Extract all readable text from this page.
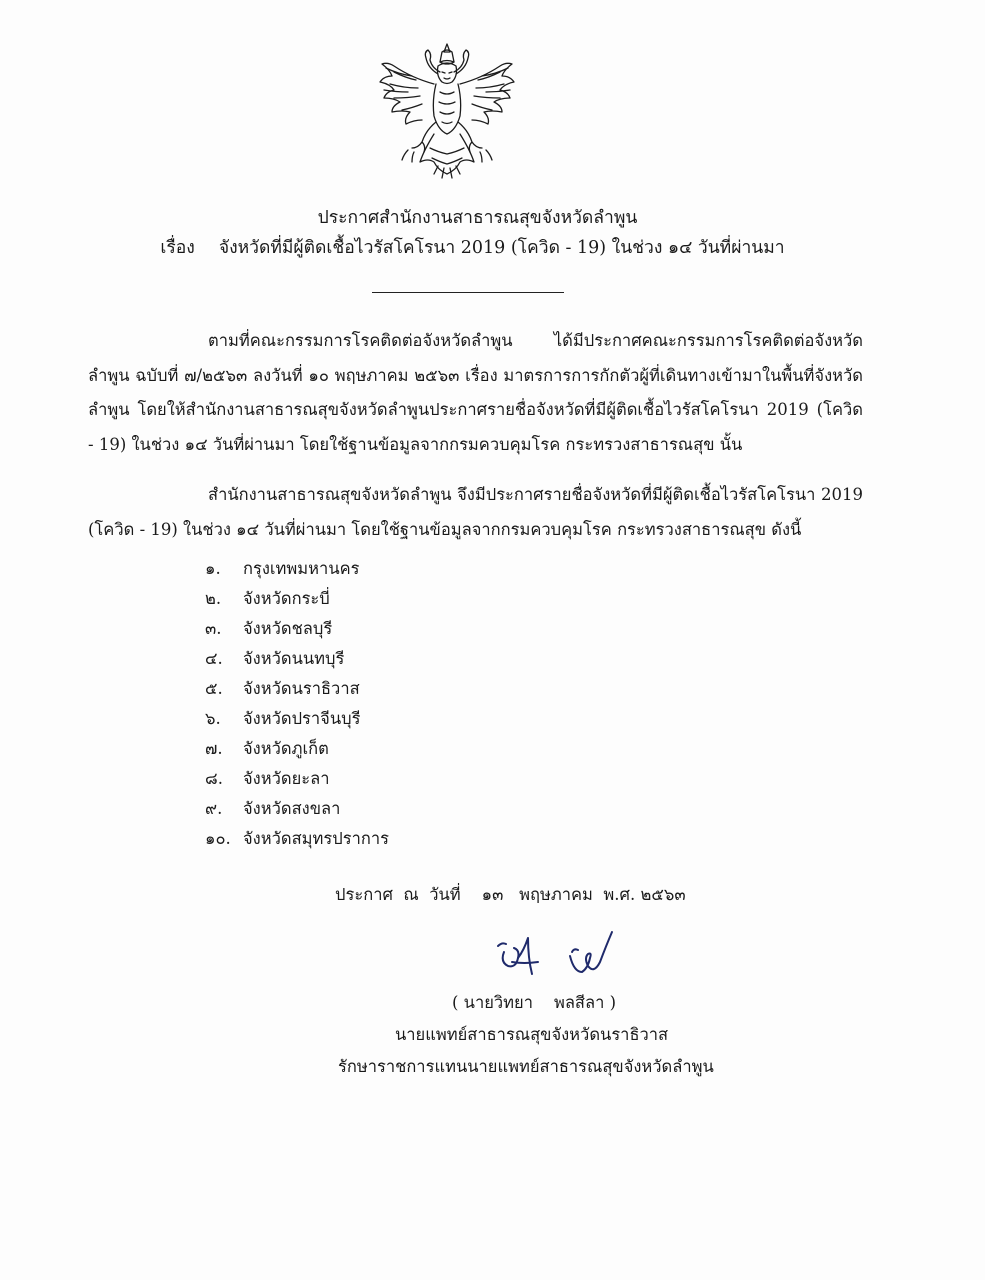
ประกาศสำนักงานสาธารณสุขจังหวัดลำพูน
เรื่อง จังหวัดที่มีผู้ติดเชื้อไวรัสโคโรนา 2019 (โควิด - 19) ในช่วง ๑๔ วันที่ผ่านมา
ตามที่คณะกรรมการโรคติดต่อจังหวัดลำพูน ได้มีประกาศคณะกรรมการโรคติดต่อจังหวัดลำพูน ฉบับที่ ๗/๒๕๖๓ ลงวันที่ ๑๐ พฤษภาคม ๒๕๖๓ เรื่อง มาตรการการกักตัวผู้ที่เดินทางเข้ามาในพื้นที่จังหวัดลำพูน โดยให้สำนักงานสาธารณสุขจังหวัดลำพูนประกาศรายชื่อจังหวัดที่มีผู้ติดเชื้อไวรัสโคโรนา 2019 (โควิด - 19) ในช่วง ๑๔ วันที่ผ่านมา โดยใช้ฐานข้อมูลจากกรมควบคุมโรค กระทรวงสาธารณสุข นั้น
สำนักงานสาธารณสุขจังหวัดลำพูน จึงมีประกาศรายชื่อจังหวัดที่มีผู้ติดเชื้อไวรัสโคโรนา 2019 (โควิด - 19) ในช่วง ๑๔ วันที่ผ่านมา โดยใช้ฐานข้อมูลจากกรมควบคุมโรค กระทรวงสาธารณสุข ดังนี้
๑. กรุงเทพมหานคร
๒. จังหวัดกระบี่
๓. จังหวัดชลบุรี
๔. จังหวัดนนทบุรี
๕. จังหวัดนราธิวาส
๖. จังหวัดปราจีนบุรี
๗. จังหวัดภูเก็ต
๘. จังหวัดยะลา
๙. จังหวัดสงขลา
๑๐. จังหวัดสมุทรปราการ
ประกาศ  ณ  วันที่    ๑๓   พฤษภาคม  พ.ศ. ๒๕๖๓
( นายวิทยา    พลสีลา )
นายแพทย์สาธารณสุขจังหวัดนราธิวาส
รักษาราชการแทนนายแพทย์สาธารณสุขจังหวัดลำพูน
